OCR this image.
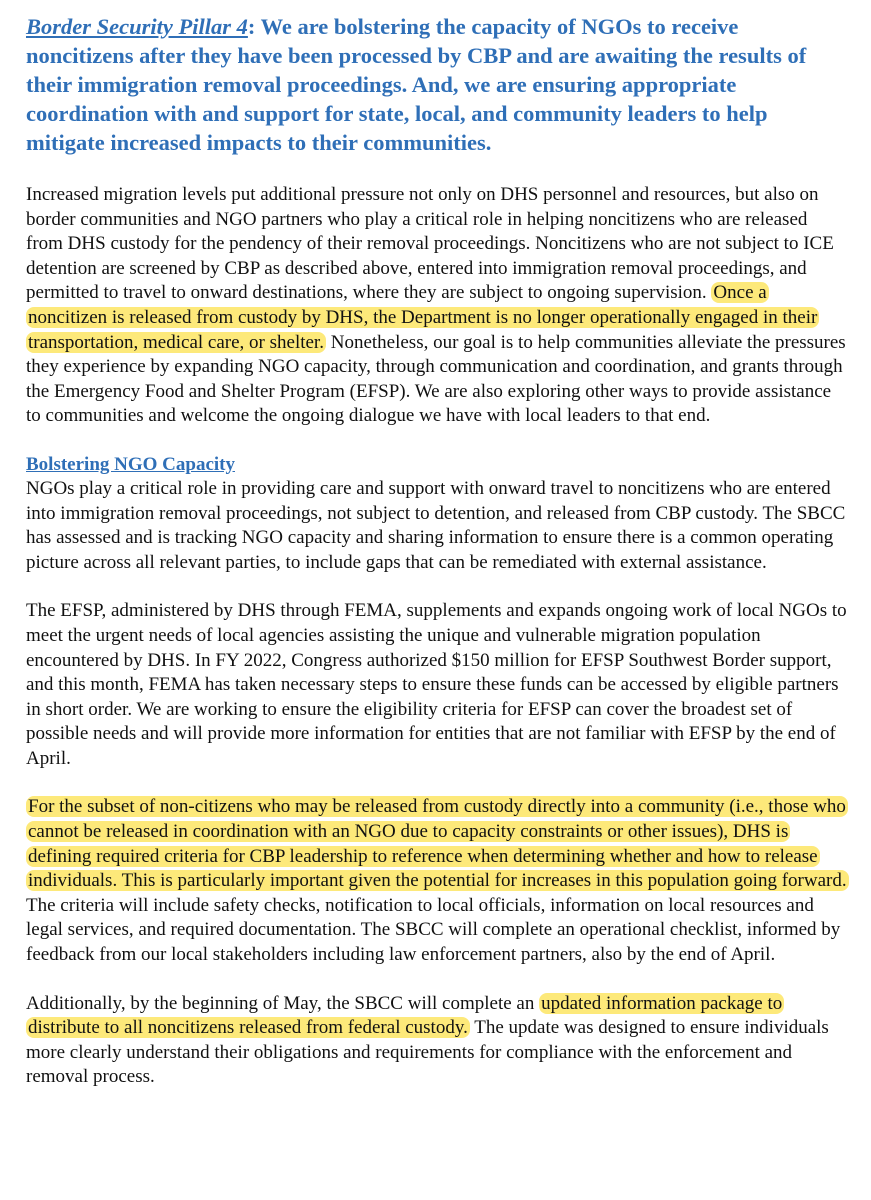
Border Security Pillar 4: We are bolstering the capacity of NGOs to receive noncitizens after they have been processed by CBP and are awaiting the results of their immigration removal proceedings. And, we are ensuring appropriate coordination with and support for state, local, and community leaders to help mitigate increased impacts to their communities.

Increased migration levels put additional pressure not only on DHS personnel and resources, but also on border communities and NGO partners who play a critical role in helping noncitizens who are released from DHS custody for the pendency of their removal proceedings. Noncitizens who are not subject to ICE detention are screened by CBP as described above, entered into immigration removal proceedings, and permitted to travel to onward destinations, where they are subject to ongoing supervision. Once a noncitizen is released from custody by DHS, the Department is no longer operationally engaged in their transportation, medical care, or shelter. Nonetheless, our goal is to help communities alleviate the pressures they experience by expanding NGO capacity, through communication and coordination, and grants through the Emergency Food and Shelter Program (EFSP). We are also exploring other ways to provide assistance to communities and welcome the ongoing dialogue we have with local leaders to that end.

Bolstering NGO Capacity

NGOs play a critical role in providing care and support with onward travel to noncitizens who are entered into immigration removal proceedings, not subject to detention, and released from CBP custody. The SBCC has assessed and is tracking NGO capacity and sharing information to ensure there is a common operating picture across all relevant parties, to include gaps that can be remediated with external assistance.

The EFSP, administered by DHS through FEMA, supplements and expands ongoing work of local NGOs to meet the urgent needs of local agencies assisting the unique and vulnerable migration population encountered by DHS. In FY 2022, Congress authorized $150 million for EFSP Southwest Border support, and this month, FEMA has taken necessary steps to ensure these funds can be accessed by eligible partners in short order. We are working to ensure the eligibility criteria for EFSP can cover the broadest set of possible needs and will provide more information for entities that are not familiar with EFSP by the end of April.

For the subset of non-citizens who may be released from custody directly into a community (i.e., those who cannot be released in coordination with an NGO due to capacity constraints or other issues), DHS is defining required criteria for CBP leadership to reference when determining whether and how to release individuals. This is particularly important given the potential for increases in this population going forward. The criteria will include safety checks, notification to local officials, information on local resources and legal services, and required documentation. The SBCC will complete an operational checklist, informed by feedback from our local stakeholders including law enforcement partners, also by the end of April.

Additionally, by the beginning of May, the SBCC will complete an updated information package to distribute to all noncitizens released from federal custody. The update was designed to ensure individuals more clearly understand their obligations and requirements for compliance with the enforcement and removal process.
